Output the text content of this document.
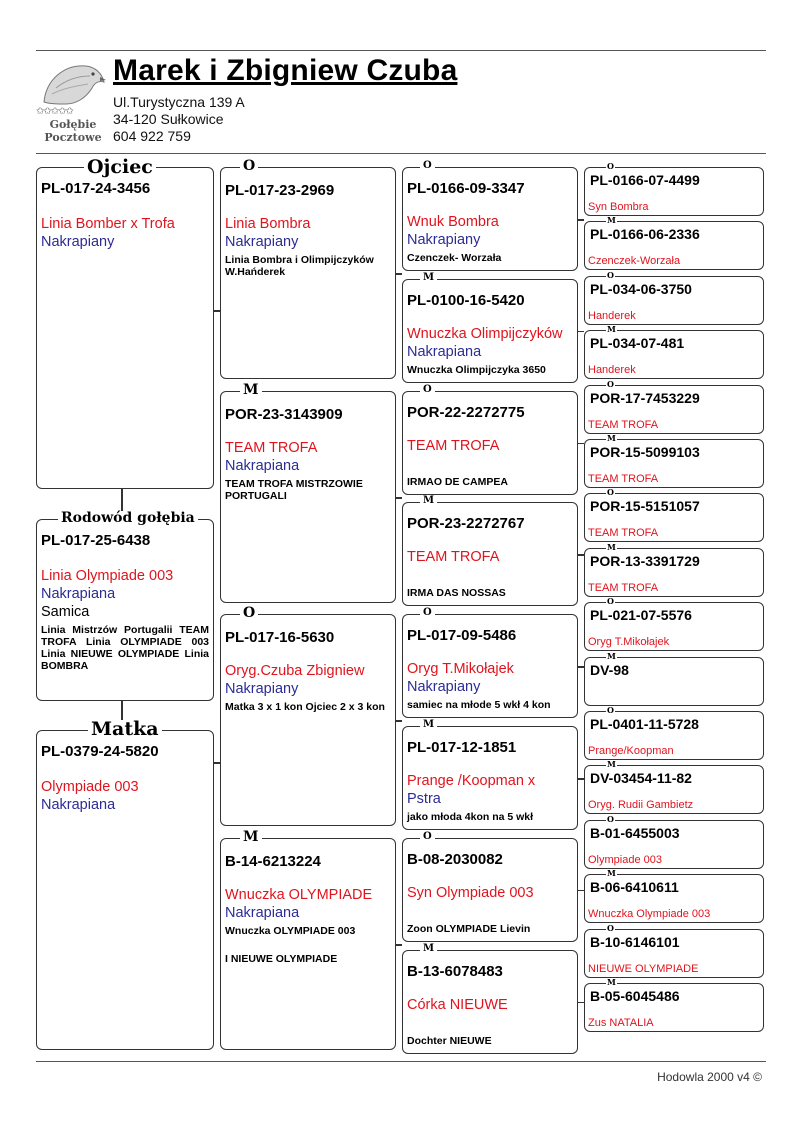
✩✩✩✩✩
Gołębie
Pocztowe
Marek i Zbigniew Czuba
Ul.Turystyczna 139 A
34-120 Sułkowice
604 922 759
PL-017-24-3456
Linia Bomber x Trofa
Nakrapiany
Ojciec
PL-017-25-6438
Linia Olympiade 003
Nakrapiana
Samica
Linia Mistrzów Portugalii TEAM TROFA Linia OLYMPIADE 003 Linia NIEUWE OLYMPIADE Linia BOMBRA
Rodowód gołębia
PL-0379-24-5820
Olympiade 003
Nakrapiana
Matka
PL-017-23-2969
Linia Bombra
Nakrapiany
Linia Bombra i Olimpijczyków W.Hańderek
O
POR-23-3143909
TEAM TROFA
Nakrapiana
TEAM TROFA MISTRZOWIE PORTUGALI
M
PL-017-16-5630
Oryg.Czuba Zbigniew
Nakrapiany
Matka 3 x 1 kon Ojciec 2 x 3 kon
O
B-14-6213224
Wnuczka OLYMPIADE
Nakrapiana
Wnuczka OLYMPIADE 003
I NIEUWE OLYMPIADE
M
PL-0166-09-3347
Wnuk Bombra
Nakrapiany
Czenczek- Worzała
O
PL-0100-16-5420
Wnuczka Olimpijczyków
Nakrapiana
Wnuczka Olimpijczyka 3650
M
POR-22-2272775
TEAM TROFA
IRMAO DE CAMPEA
O
POR-23-2272767
TEAM TROFA
IRMA DAS NOSSAS
M
PL-017-09-5486
Oryg T.Mikołajek
Nakrapiany
samiec na młode 5 wkł 4 kon
O
PL-017-12-1851
Prange /Koopman x
Pstra
jako młoda 4kon na 5 wkł
M
B-08-2030082
Syn Olympiade 003
Zoon OLYMPIADE Lievin
O
B-13-6078483
Córka NIEUWE
Dochter NIEUWE
M
PL-0166-07-4499
Syn Bombra
O
PL-0166-06-2336
Czenczek-Worzała
M
PL-034-06-3750
Handerek
O
PL-034-07-481
Handerek
M
POR-17-7453229
TEAM TROFA
O
POR-15-5099103
TEAM TROFA
M
POR-15-5151057
TEAM TROFA
O
POR-13-3391729
TEAM TROFA
M
PL-021-07-5576
Oryg T.Mikołajek
O
DV-98
M
PL-0401-11-5728
Prange/Koopman
O
DV-03454-11-82
Oryg. Rudii Gambietz
M
B-01-6455003
Olympiade 003
O
B-06-6410611
Wnuczka Olympiade 003
M
B-10-6146101
NIEUWE OLYMPIADE
O
B-05-6045486
Zus NATALIA
M
Hodowla 2000 v4 ©
